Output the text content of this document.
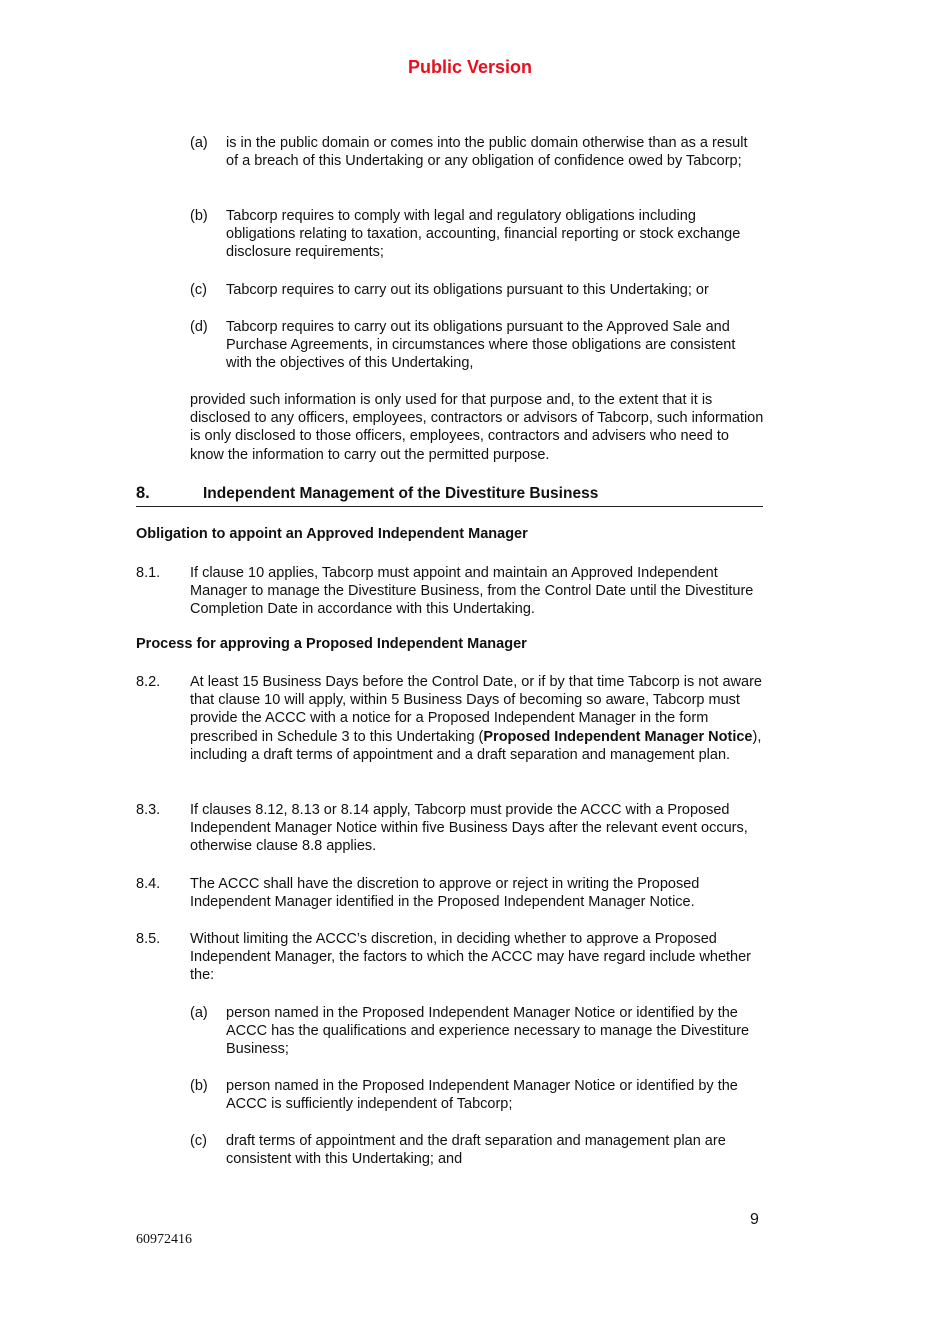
Public Version
(a)	is in the public domain or comes into the public domain otherwise than as a result of a breach of this Undertaking or any obligation of confidence owed by Tabcorp;
(b)	Tabcorp requires to comply with legal and regulatory obligations including obligations relating to taxation, accounting, financial reporting or stock exchange disclosure requirements;
(c)	Tabcorp requires to carry out its obligations pursuant to this Undertaking; or
(d)	Tabcorp requires to carry out its obligations pursuant to the Approved Sale and Purchase Agreements, in circumstances where those obligations are consistent with the objectives of this Undertaking,
provided such information is only used for that purpose and, to the extent that it is disclosed to any officers, employees, contractors or advisors of Tabcorp, such information is only disclosed to those officers, employees, contractors and advisers who need to know the information to carry out the permitted purpose.
8.	Independent Management of the Divestiture Business
Obligation to appoint an Approved Independent Manager
8.1. If clause 10 applies, Tabcorp must appoint and maintain an Approved Independent Manager to manage the Divestiture Business, from the Control Date until the Divestiture Completion Date in accordance with this Undertaking.
Process for approving a Proposed Independent Manager
8.2. At least 15 Business Days before the Control Date, or if by that time Tabcorp is not aware that clause 10 will apply, within 5 Business Days of becoming so aware, Tabcorp must provide the ACCC with a notice for a Proposed Independent Manager in the form prescribed in Schedule 3 to this Undertaking (Proposed Independent Manager Notice), including a draft terms of appointment and a draft separation and management plan.
8.3. If clauses 8.12, 8.13 or 8.14 apply, Tabcorp must provide the ACCC with a Proposed Independent Manager Notice within five Business Days after the relevant event occurs, otherwise clause 8.8 applies.
8.4. The ACCC shall have the discretion to approve or reject in writing the Proposed Independent Manager identified in the Proposed Independent Manager Notice.
8.5. Without limiting the ACCC’s discretion, in deciding whether to approve a Proposed Independent Manager, the factors to which the ACCC may have regard include whether the:
(a)	person named in the Proposed Independent Manager Notice or identified by the ACCC has the qualifications and experience necessary to manage the Divestiture Business;
(b)	person named in the Proposed Independent Manager Notice or identified by the ACCC is sufficiently independent of Tabcorp;
(c)	draft terms of appointment and the draft separation and management plan are consistent with this Undertaking; and
9
60972416
